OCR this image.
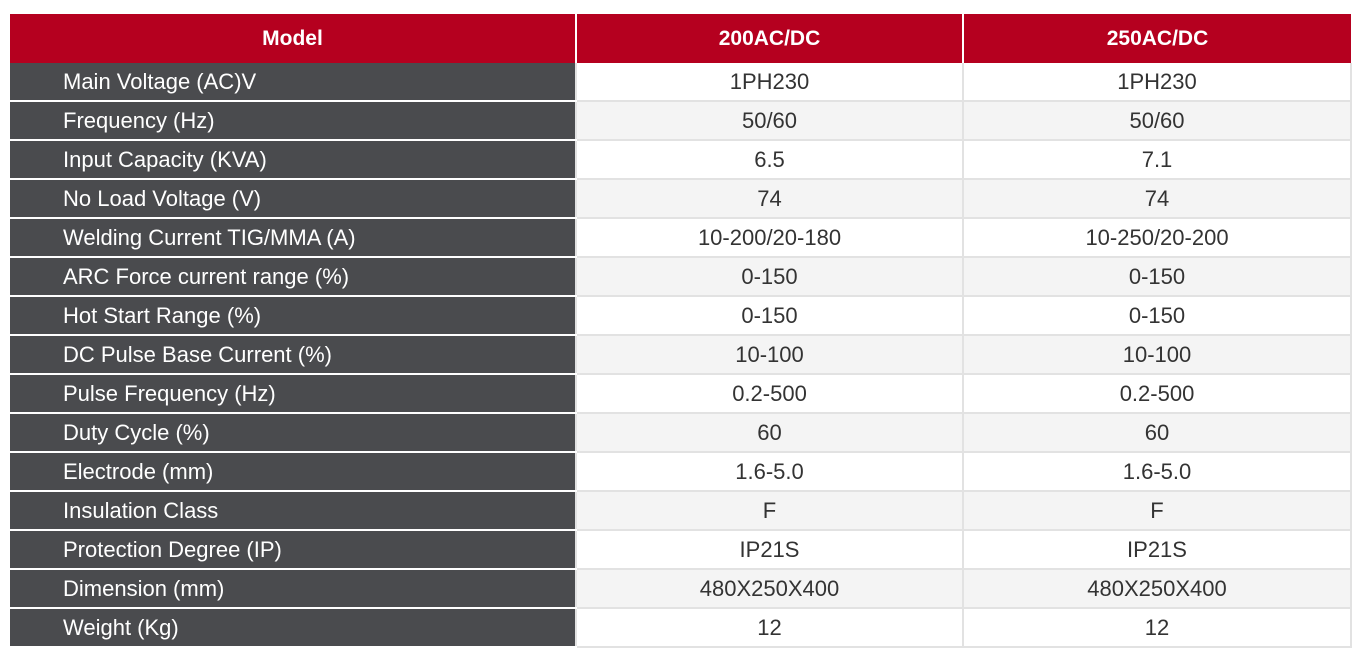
Model	200AC/DC	250AC/DC
Main Voltage (AC)V	1PH230	1PH230
Frequency (Hz)	50/60	50/60
Input Capacity (KVA)	6.5	7.1
No Load Voltage (V)	74	74
Welding Current TIG/MMA (A)	10-200/20-180	10-250/20-200
ARC Force current range (%)	0-150	0-150
Hot Start Range (%)	0-150	0-150
DC Pulse Base Current (%)	10-100	10-100
Pulse Frequency (Hz)	0.2-500	0.2-500
Duty Cycle (%)	60	60
Electrode (mm)	1.6-5.0	1.6-5.0
Insulation Class	F	F
Protection Degree (IP)	IP21S	IP21S
Dimension (mm)	480X250X400	480X250X400
Weight (Kg)	12	12
